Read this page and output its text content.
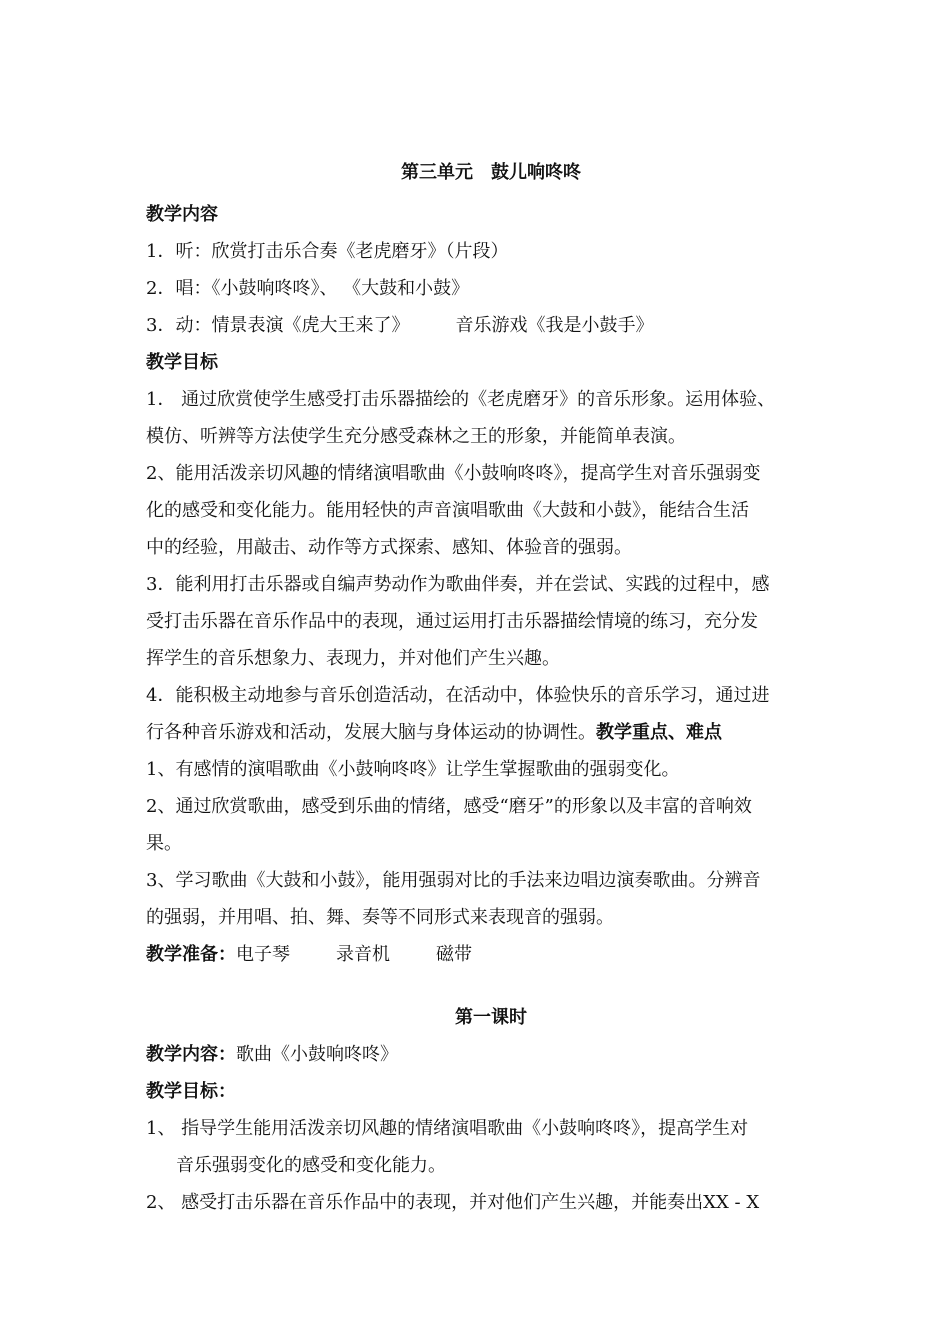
第三单元 鼓儿响咚咚
教学内容
1．听：欣赏打击乐合奏《老虎磨牙》（片段）
2．唱：《小鼓响咚咚》、 《大鼓和小鼓》
3．动：情景表演《虎大王来了》	音乐游戏《我是小鼓手》
教学目标
1． 通过欣赏使学生感受打击乐器描绘的《老虎磨牙》的音乐形象。运用体验、
模仿、听辨等方法使学生充分感受森林之王的形象，并能简单表演。
2、能用活泼亲切风趣的情绪演唱歌曲《小鼓响咚咚》，提高学生对音乐强弱变
化的感受和变化能力。能用轻快的声音演唱歌曲《大鼓和小鼓》，能结合生活
中的经验，用敲击、动作等方式探索、感知、体验音的强弱。
3．能利用打击乐器或自编声势动作为歌曲伴奏，并在尝试、实践的过程中，感
受打击乐器在音乐作品中的表现，通过运用打击乐器描绘情境的练习，充分发
挥学生的音乐想象力、表现力，并对他们产生兴趣。
4．能积极主动地参与音乐创造活动，在活动中，体验快乐的音乐学习，通过进
行各种音乐游戏和活动，发展大脑与身体运动的协调性。教学重点、难点
1、有感情的演唱歌曲《小鼓响咚咚》让学生掌握歌曲的强弱变化。
2、通过欣赏歌曲，感受到乐曲的情绪，感受“磨牙”的形象以及丰富的音响效
果。
3、学习歌曲《大鼓和小鼓》，能用强弱对比的手法来边唱边演奏歌曲。分辨音
的强弱，并用唱、拍、舞、奏等不同形式来表现音的强弱。
教学准备：电子琴	录音机	磁带
第一课时
教学内容：歌曲《小鼓响咚咚》
教学目标：
1、 指导学生能用活泼亲切风趣的情绪演唱歌曲《小鼓响咚咚》，提高学生对
音乐强弱变化的感受和变化能力。
2、 感受打击乐器在音乐作品中的表现，并对他们产生兴趣，并能奏出XX - X
